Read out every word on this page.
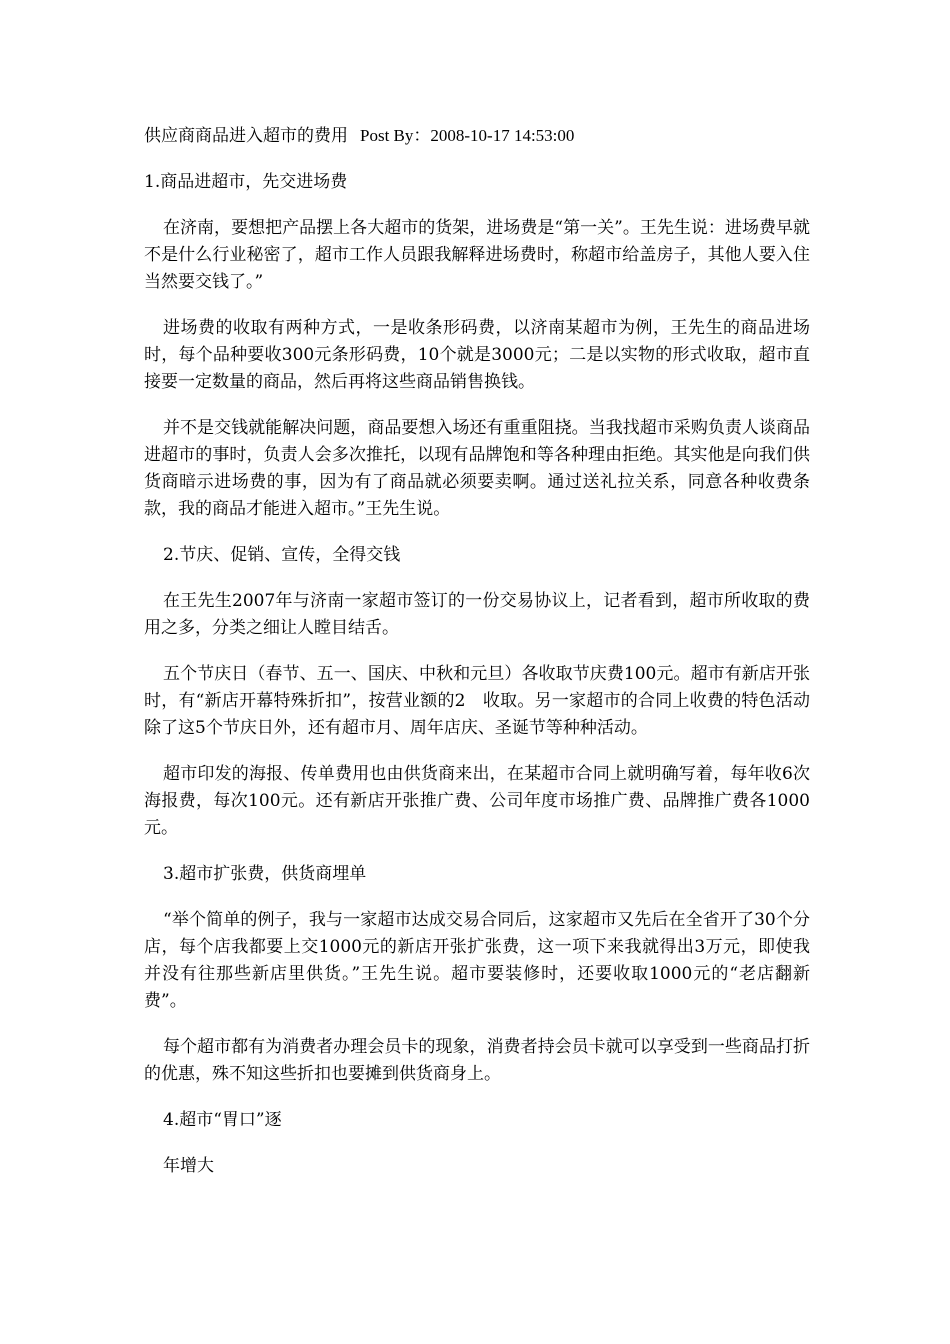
供应商商品进入超市的费用 Post By：2008-10-17 14:53:00

1.商品进超市，先交进场费

在济南，要想把产品摆上各大超市的货架，进场费是“第一关”。王先生说：进场费早就不是什么行业秘密了，超市工作人员跟我解释进场费时，称超市给盖房子，其他人要入住当然要交钱了。”

进场费的收取有两种方式，一是收条形码费，以济南某超市为例，王先生的商品进场时，每个品种要收300元条形码费，10个就是3000元；二是以实物的形式收取，超市直接要一定数量的商品，然后再将这些商品销售换钱。

并不是交钱就能解决问题，商品要想入场还有重重阻挠。当我找超市采购负责人谈商品进超市的事时，负责人会多次推托，以现有品牌饱和等各种理由拒绝。其实他是向我们供货商暗示进场费的事，因为有了商品就必须要卖啊。通过送礼拉关系，同意各种收费条款，我的商品才能进入超市。”王先生说。

2.节庆、促销、宣传，全得交钱

在王先生2007年与济南一家超市签订的一份交易协议上，记者看到，超市所收取的费用之多，分类之细让人瞠目结舌。

五个节庆日（春节、五一、国庆、中秋和元旦）各收取节庆费100元。超市有新店开张时，有“新店开幕特殊折扣”，按营业额的2　收取。另一家超市的合同上收费的特色活动除了这5个节庆日外，还有超市月、周年店庆、圣诞节等种种活动。

超市印发的海报、传单费用也由供货商来出，在某超市合同上就明确写着，每年收6次海报费，每次100元。还有新店开张推广费、公司年度市场推广费、品牌推广费各1000元。

3.超市扩张费，供货商埋单

“举个简单的例子，我与一家超市达成交易合同后，这家超市又先后在全省开了30个分店，每个店我都要上交1000元的新店开张扩张费，这一项下来我就得出3万元，即使我并没有往那些新店里供货。”王先生说。超市要装修时，还要收取1000元的“老店翻新费”。

每个超市都有为消费者办理会员卡的现象，消费者持会员卡就可以享受到一些商品打折的优惠，殊不知这些折扣也要摊到供货商身上。

4.超市“胃口”逐

年增大
